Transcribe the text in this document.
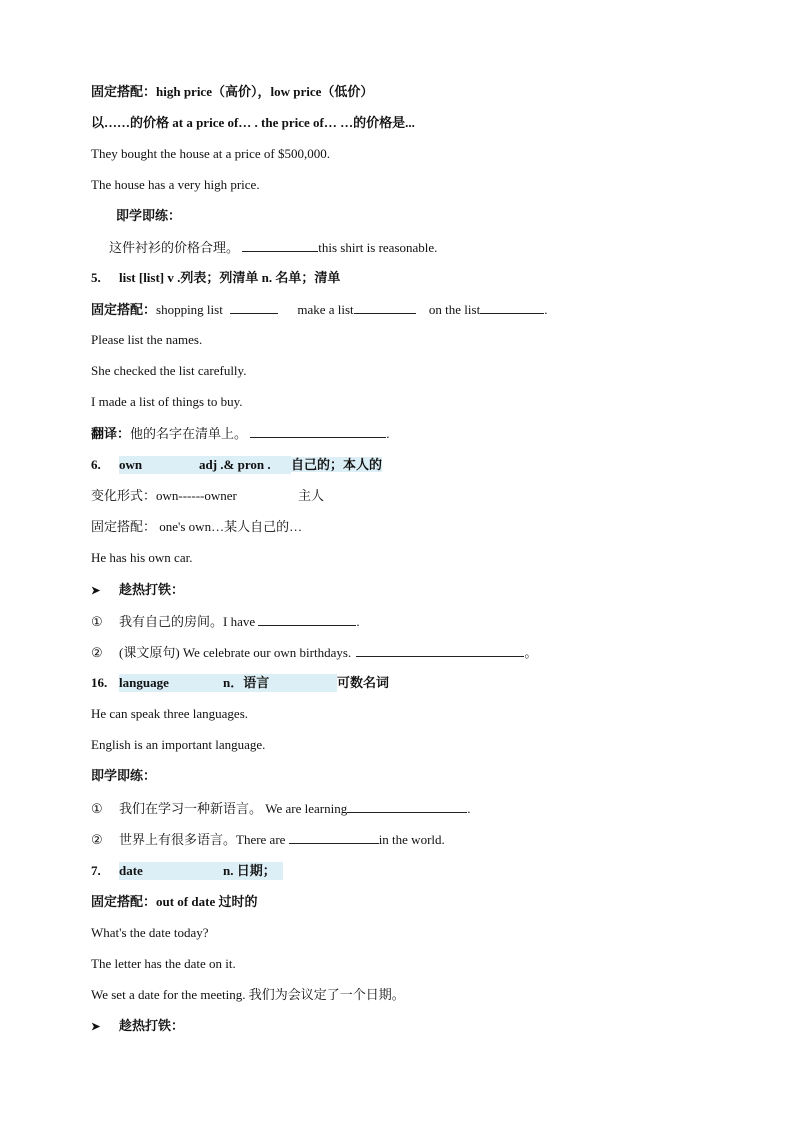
固定搭配：high price（高价），low price（低价）
以……的价格 at a price of… . the price of… …的价格是...
They bought the house at a price of $500,000.
The house has a very high price.
即学即练：
这件衬衫的价格合理。	this shirt is reasonable.
5. list [list] v .列表；列清单 n. 名单；清单
固定搭配：shopping list	make a list	on the list	.
Please list the names.
She checked the list carefully.
I made a list of things to buy.
翻译：他的名字在清单上。	.
6. own	adj .& pron . 自己的；本人的
变化形式：own------owner	主人
固定搭配： one's own…某人自己的…
He has his own car.
➤ 趁热打铁：
① 我有自己的房间。I have	.
② (课文原句) We celebrate our own birthdays.	。
16. language	n．语言	可数名词
He can speak three languages.
English is an important language.
即学即练：
① 我们在学习一种新语言。 We are learning	.
② 世界上有很多语言。There are	in the world.
7. date	n. 日期；
固定搭配：out of date 过时的
What's the date today?
The letter has the date on it.
We set a date for the meeting. 我们为会议定了一个日期。
➤ 趁热打铁：
